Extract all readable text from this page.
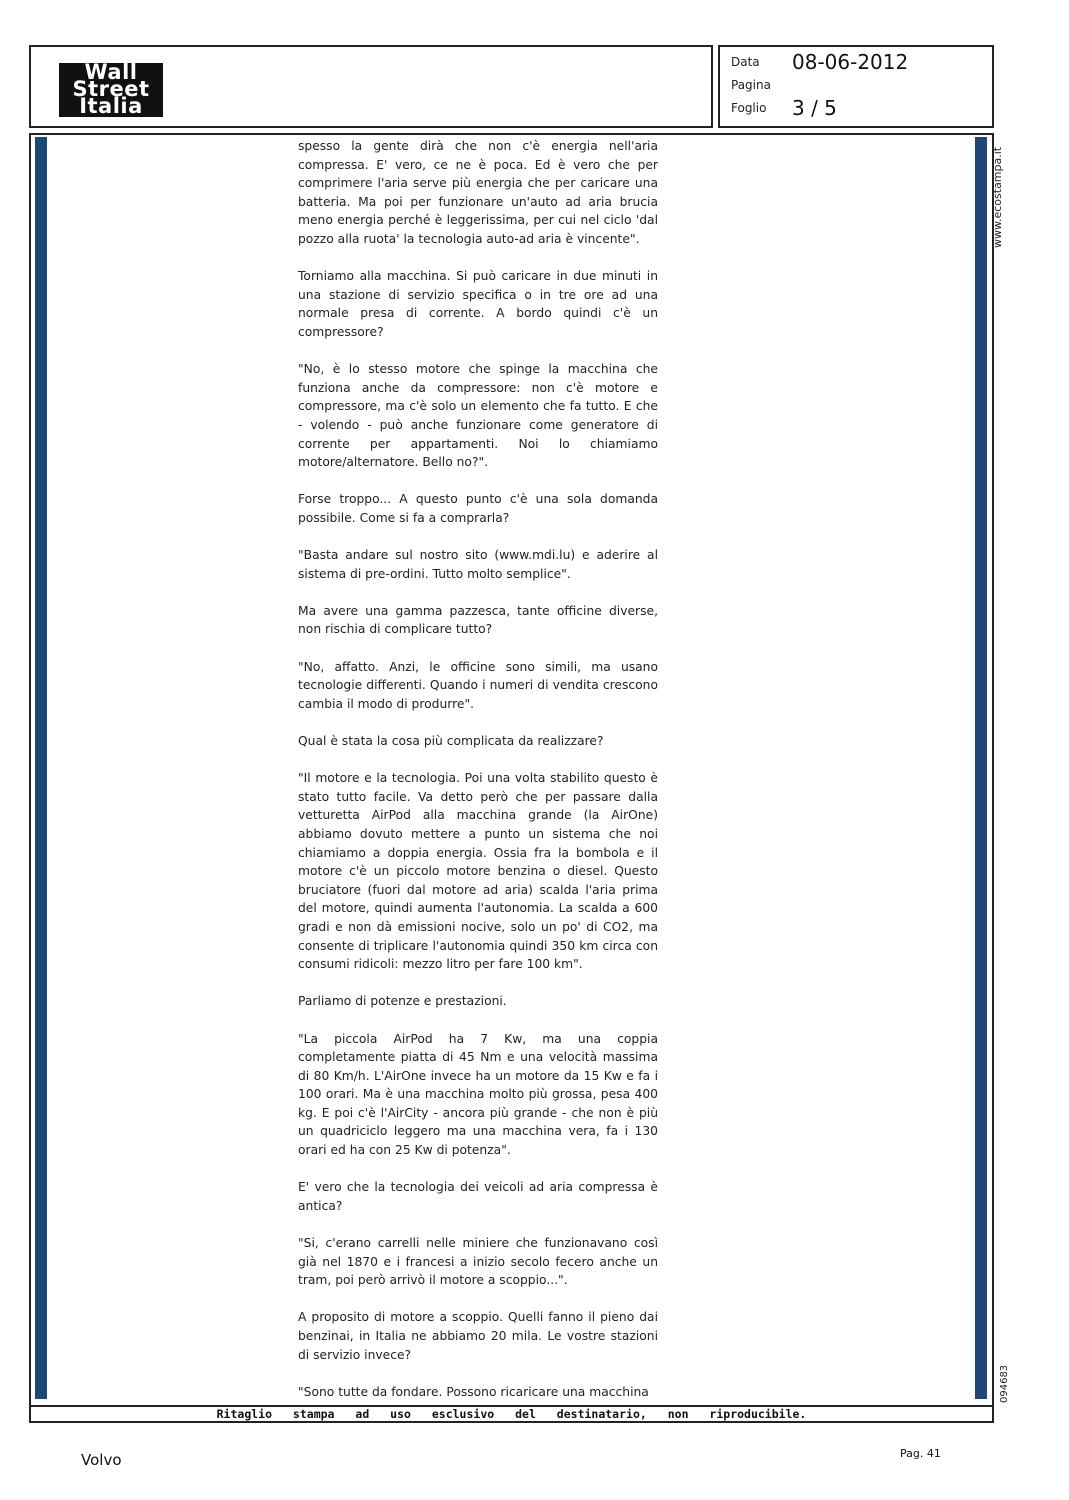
Wall
Street
Italia
Data 08-06-2012
Pagina
Foglio 3 / 5
www.ecostampa.it
094683

spesso la gente dirà che non c'è energia nell'aria compressa. E' vero, ce ne è poca. Ed è vero che per comprimere l'aria serve più energia che per caricare una batteria. Ma poi per funzionare un'auto ad aria brucia meno energia perché è leggerissima, per cui nel ciclo 'dal pozzo alla ruota' la tecnologia auto-ad aria è vincente".

Torniamo alla macchina. Si può caricare in due minuti in una stazione di servizio specifica o in tre ore ad una normale presa di corrente. A bordo quindi c'è un compressore?

"No, è lo stesso motore che spinge la macchina che funziona anche da compressore: non c'è motore e compressore, ma c'è solo un elemento che fa tutto. E che - volendo - può anche funzionare come generatore di corrente per appartamenti. Noi lo chiamiamo motore/alternatore. Bello no?".

Forse troppo... A questo punto c'è una sola domanda possibile. Come si fa a comprarla?

"Basta andare sul nostro sito (www.mdi.lu) e aderire al sistema di pre-ordini. Tutto molto semplice".

Ma avere una gamma pazzesca, tante officine diverse, non rischia di complicare tutto?

"No, affatto. Anzi, le officine sono simili, ma usano tecnologie differenti. Quando i numeri di vendita crescono cambia il modo di produrre".

Qual è stata la cosa più complicata da realizzare?

"Il motore e la tecnologia. Poi una volta stabilito questo è stato tutto facile. Va detto però che per passare dalla vetturetta AirPod alla macchina grande (la AirOne) abbiamo dovuto mettere a punto un sistema che noi chiamiamo a doppia energia. Ossia fra la bombola e il motore c'è un piccolo motore benzina o diesel. Questo bruciatore (fuori dal motore ad aria) scalda l'aria prima del motore, quindi aumenta l'autonomia. La scalda a 600 gradi e non dà emissioni nocive, solo un po' di CO2, ma consente di triplicare l'autonomia quindi 350 km circa con consumi ridicoli: mezzo litro per fare 100 km".

Parliamo di potenze e prestazioni.

"La piccola AirPod ha 7 Kw, ma una coppia completamente piatta di 45 Nm e una velocità massima di 80 Km/h. L'AirOne invece ha un motore da 15 Kw e fa i 100 orari. Ma è una macchina molto più grossa, pesa 400 kg. E poi c'è l'AirCity - ancora più grande - che non è più un quadriciclo leggero ma una macchina vera, fa i 130 orari ed ha con 25 Kw di potenza".

E' vero che la tecnologia dei veicoli ad aria compressa è antica?

"Si, c'erano carrelli nelle miniere che funzionavano così già nel 1870 e i francesi a inizio secolo fecero anche un tram, poi però arrivò il motore a scoppio...".

A proposito di motore a scoppio. Quelli fanno il pieno dai benzinai, in Italia ne abbiamo 20 mila. Le vostre stazioni di servizio invece?

"Sono tutte da fondare. Possono ricaricare una macchina

Ritaglio stampa ad uso esclusivo del destinatario, non riproducibile.
Volvo	Pag. 41
